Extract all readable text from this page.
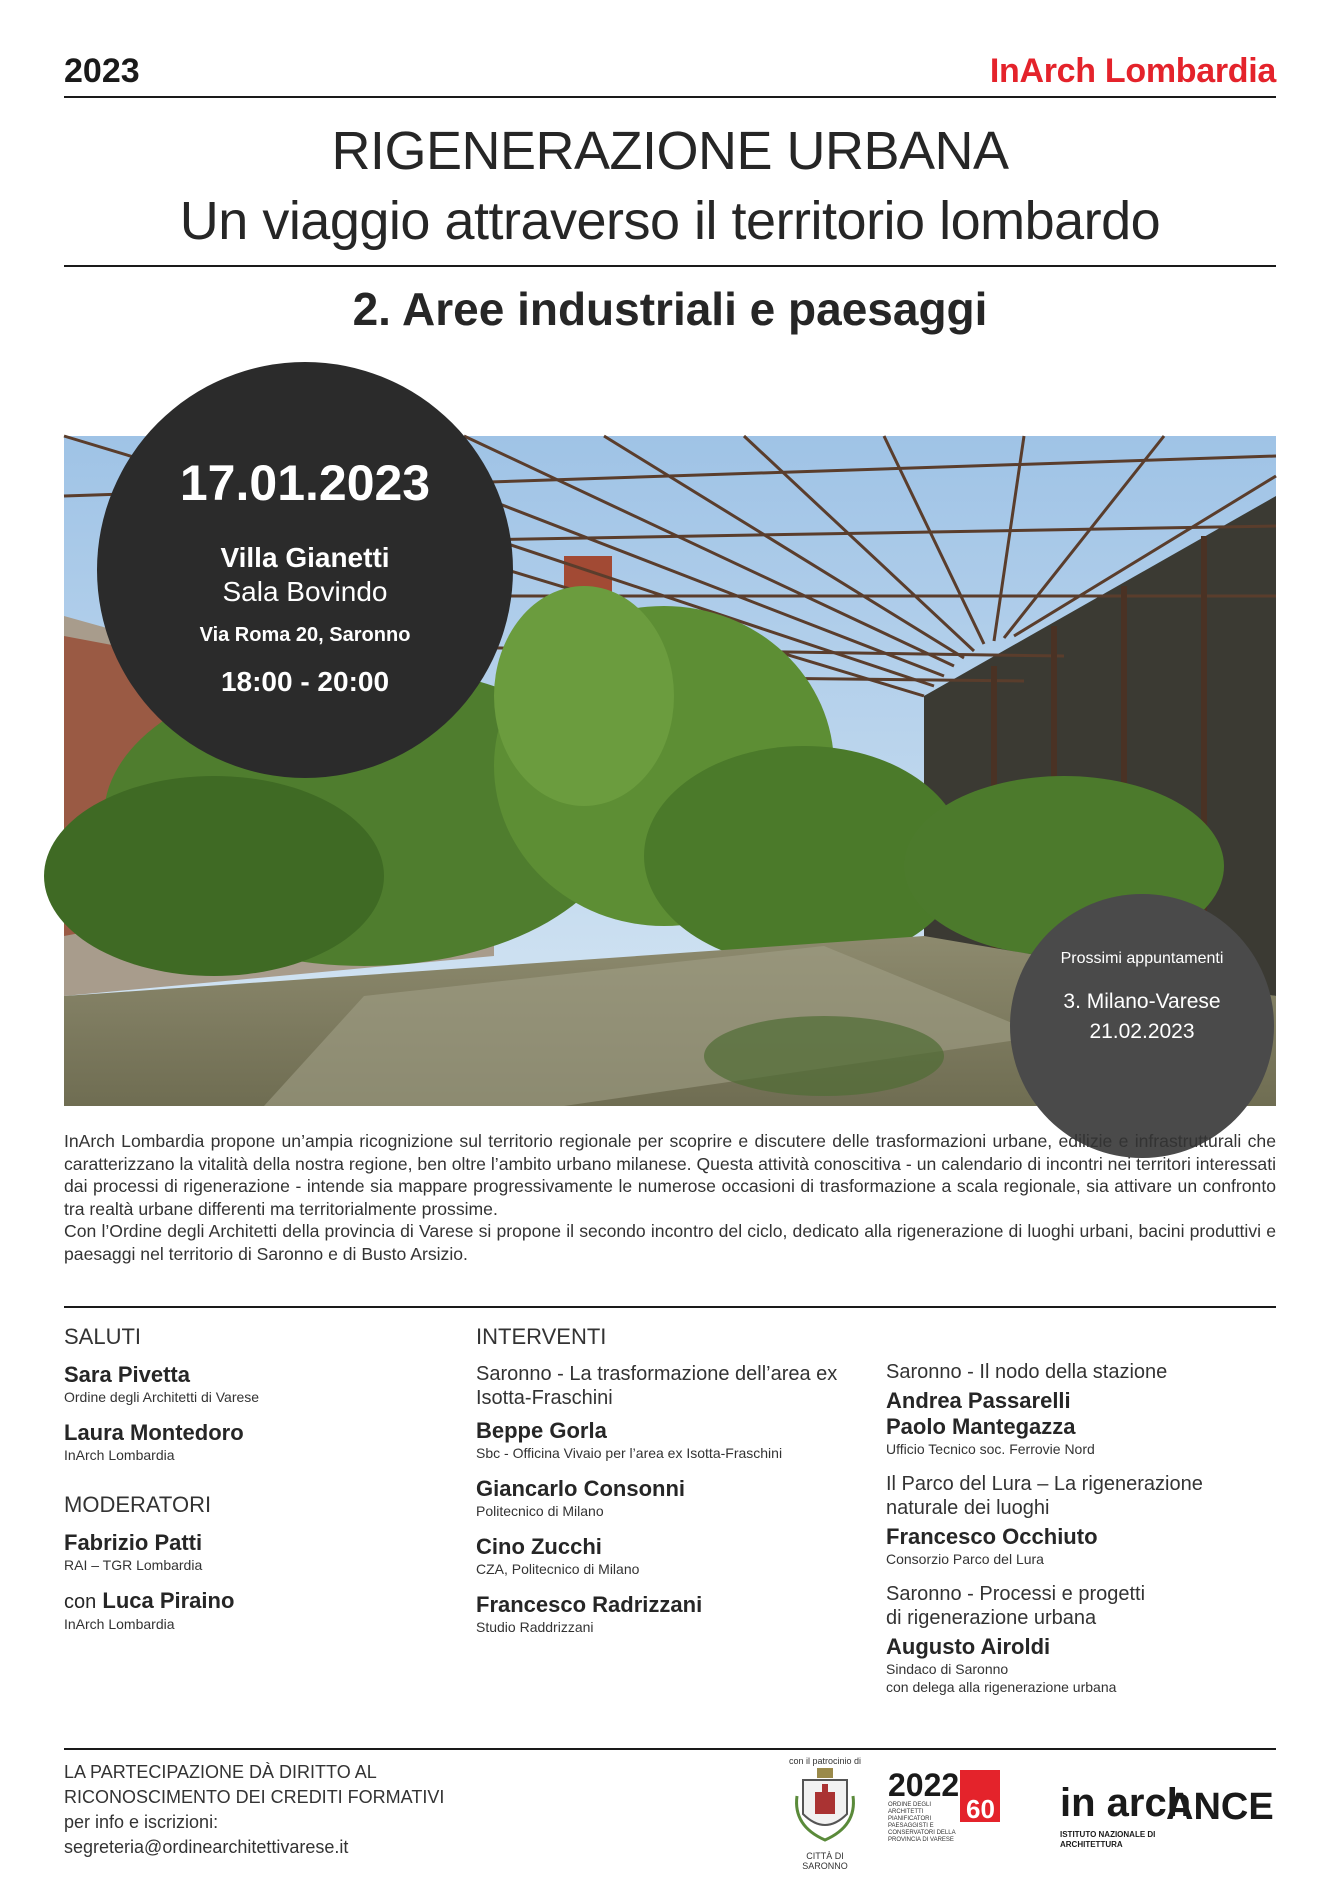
2023	InArch Lombardia
RIGENERAZIONE URBANA
Un viaggio attraverso il territorio lombardo
2. Aree industriali e paesaggi
17.01.2023
Villa Gianetti
Sala Bovindo
Via Roma 20, Saronno
18:00 - 20:00
Prossimi appuntamenti
3. Milano-Varese
21.02.2023

InArch Lombardia propone un’ampia ricognizione sul territorio regionale per scoprire e discutere delle trasformazioni urbane, edilizie e infrastrutturali che caratterizzano la vitalità della nostra regione, ben oltre l’ambito urbano milanese. Questa attività conoscitiva - un calendario di incontri nei territori interessati dai processi di rigenerazione - intende sia mappare progressivamente le numerose occasioni di trasformazione a scala regionale, sia attivare un confronto tra realtà urbane differenti ma territorialmente prossime.

Con l’Ordine degli Architetti della provincia di Varese si propone il secondo incontro del ciclo, dedicato alla rigenerazione di luoghi urbani, bacini produttivi e paesaggi nel territorio di Saronno e di Busto Arsizio.

SALUTI
Sara Pivetta
Ordine degli Architetti di Varese
Laura Montedoro
InArch Lombardia
MODERATORI
Fabrizio Patti
RAI – TGR Lombardia
con Luca Piraino
InArch Lombardia
INTERVENTI
Saronno - La trasformazione dell’area ex Isotta-Fraschini
Beppe Gorla
Sbc - Officina Vivaio per l’area ex Isotta-Fraschini
Giancarlo Consonni
Politecnico di Milano
Cino Zucchi
CZA, Politecnico di Milano
Francesco Radrizzani
Studio Raddrizzani
Saronno - Il nodo della stazione
Andrea Passarelli
Paolo Mantegazza
Ufficio Tecnico soc. Ferrovie Nord
Il Parco del Lura – La rigenerazione naturale dei luoghi
Francesco Occhiuto
Consorzio Parco del Lura
Saronno - Processi e progetti
di rigenerazione urbana
Augusto Airoldi
Sindaco di Saronno
con delega alla rigenerazione urbana
LA PARTECIPAZIONE DÀ DIRITTO AL
RICONOSCIMENTO DEI CREDITI FORMATIVI
per info e iscrizioni:
segreteria@ordinearchitettivarese.it
con il patrocinio di
CITTÀ DI
SARONNO
2022
60
ORDINE DEGLI ARCHITETTI PIANIFICATORI PAESAGGISTI E CONSERVATORI DELLA PROVINCIA DI VARESE
in arch
ISTITUTO NAZIONALE DI ARCHITETTURA
ANCE
